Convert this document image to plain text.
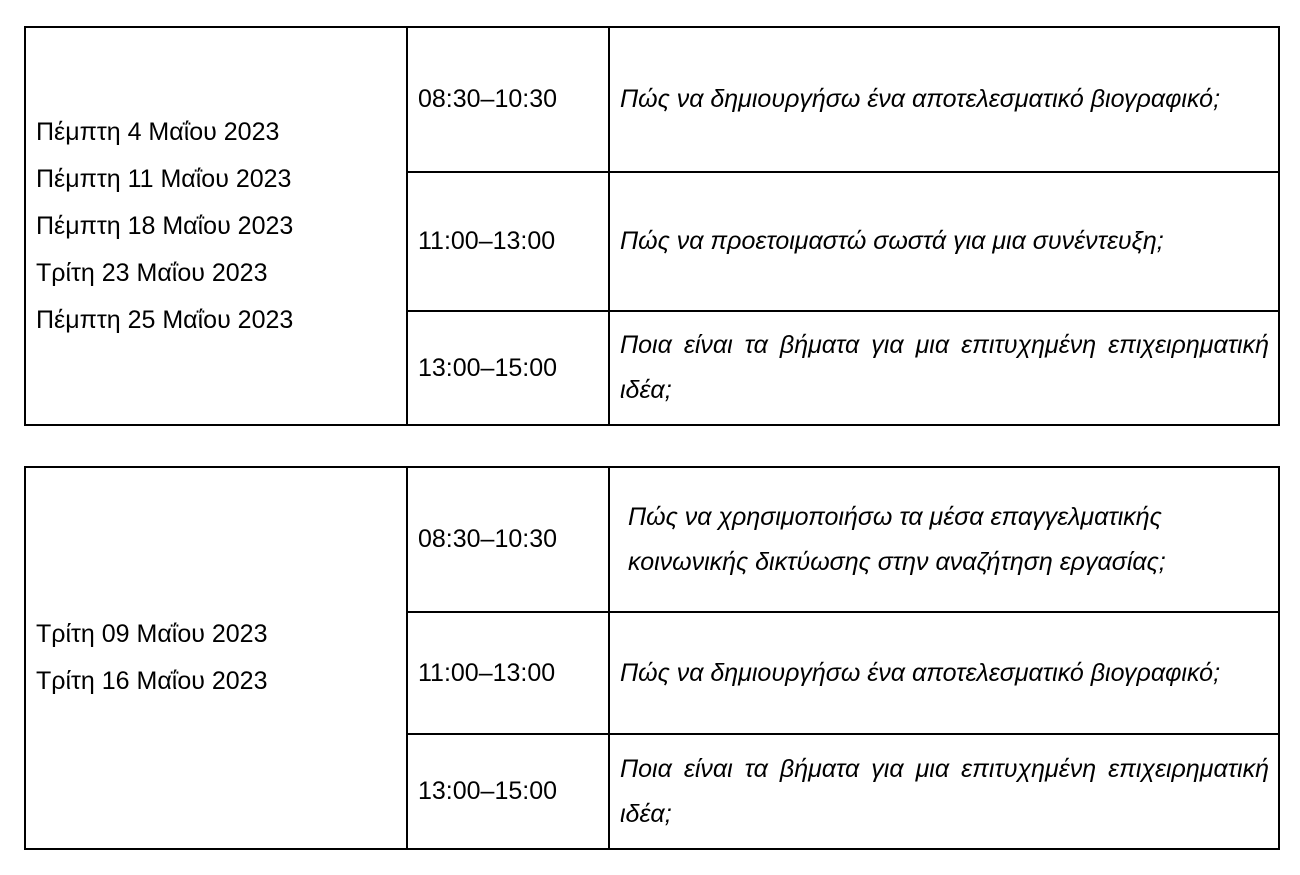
Πέμπτη 4 Μαΐου 2023
Πέμπτη 11 Μαΐου 2023
Πέμπτη 18 Μαΐου 2023
Τρίτη 23 Μαΐου 2023
Πέμπτη 25 Μαΐου 2023	08:30–10:30	Πώς να δημιουργήσω ένα αποτελεσματικό βιογραφικό;
	11:00–13:00	Πώς να προετοιμαστώ σωστά για μια συνέντευξη;
	13:00–15:00	Ποια είναι τα βήματα για μια επιτυχημένη επιχειρηματική ιδέα;
Τρίτη 09 Μαΐου 2023
Τρίτη 16 Μαΐου 2023	08:30–10:30	Πώς να χρησιμοποιήσω τα μέσα επαγγελματικής κοινωνικής δικτύωσης στην αναζήτηση εργασίας;
	11:00–13:00	Πώς να δημιουργήσω ένα αποτελεσματικό βιογραφικό;
	13:00–15:00	Ποια είναι τα βήματα για μια επιτυχημένη επιχειρηματική ιδέα;
